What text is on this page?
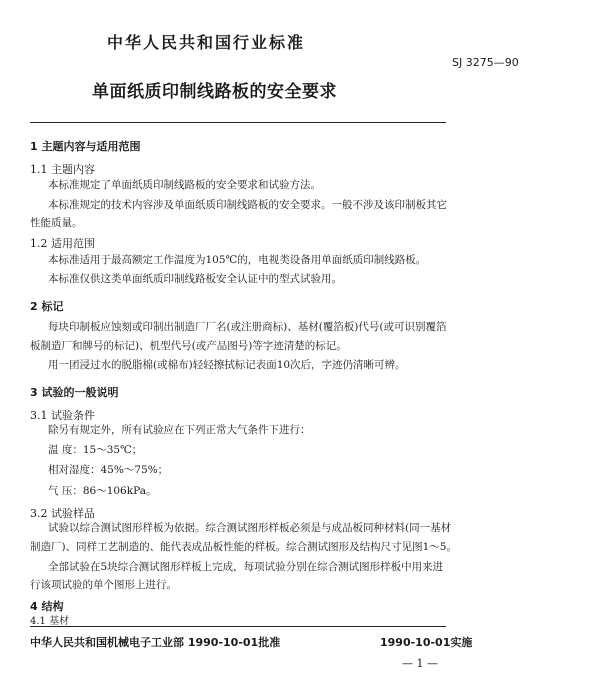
中华人民共和国行业标准
SJ 3275—90
单面纸质印制线路板的安全要求
1 主题内容与适用范围
1.1 主题内容
本标准规定了单面纸质印制线路板的安全要求和试验方法。
本标准规定的技术内容涉及单面纸质印制线路板的安全要求。一般不涉及该印制板其它
性能质量。
1.2 适用范围
本标准适用于最高额定工作温度为105℃的，电视类设备用单面纸质印制线路板。
本标准仅供这类单面纸质印制线路板安全认证中的型式试验用。
2 标记
每块印制板应蚀刻或印制出制造厂厂名(或注册商标)、基材(覆箔板)代号(或可识别覆箔
板制造厂和牌号的标记)、机型代号(或产品图号)等字迹清楚的标记。
用一团浸过水的脱脂棉(或棉布)轻轻擦拭标记表面10次后，字迹仍清晰可辨。
3 试验的一般说明
3.1 试验条件
除另有规定外，所有试验应在下列正常大气条件下进行：
温 度：15～35℃；
相对湿度：45%～75%；
气 压：86～106kPa。
3.2 试验样品
试验以综合测试图形样板为依据。综合测试图形样板必须是与成品板同种材料(同一基材
制造厂)、同样工艺制造的、能代表成品板性能的样板。综合测试图形及结构尺寸见图1～5。
全部试验在5块综合测试图形样板上完成，每项试验分别在综合测试图形样板中用来进
行该项试验的单个图形上进行。
4 结构
4.1 基材
中华人民共和国机械电子工业部 1990-10-01批准	1990-10-01实施
— 1 —
